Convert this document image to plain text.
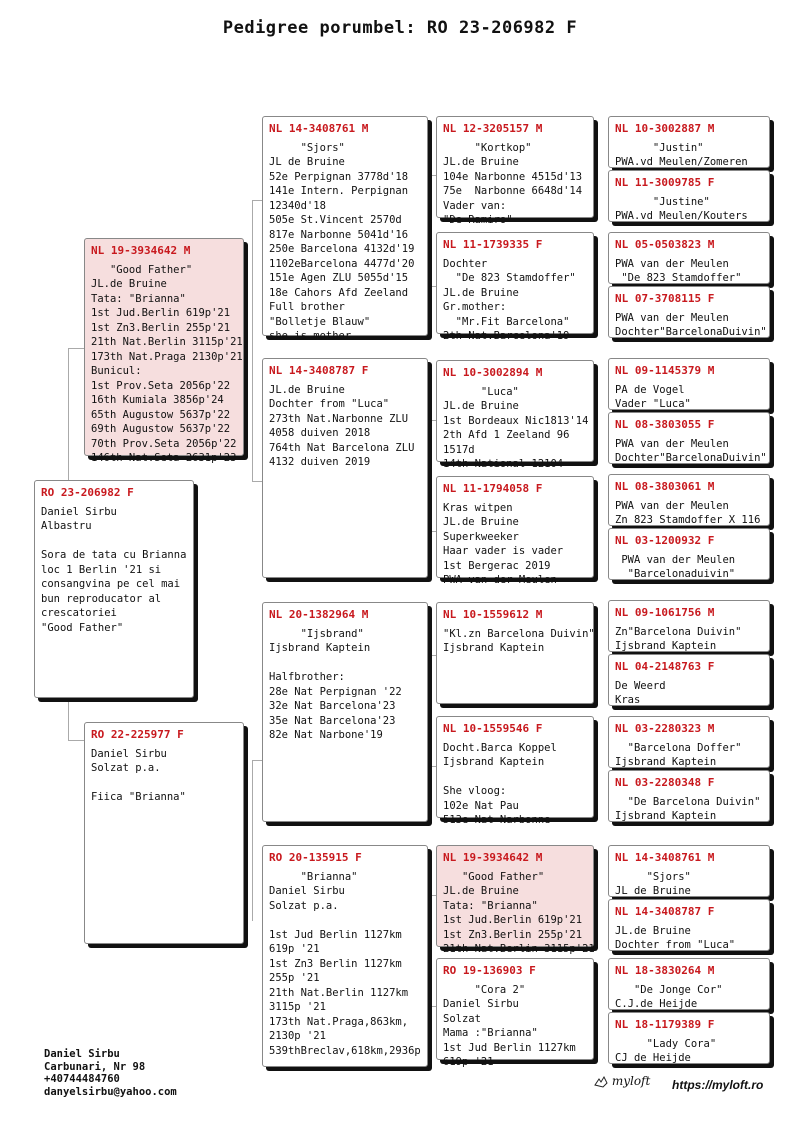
Pedigree porumbel: RO 23-206982 F
RO 23-206982 F
Daniel Sirbu
Albastru

Sora de tata cu Brianna
loc 1 Berlin '21 si
consangvina pe cel mai
bun reproducator al
crescatoriei
"Good Father"
NL 19-3934642 M
"Good Father"
JL.de Bruine
Tata: "Brianna"
1st Jud.Berlin 619p'21
1st Zn3.Berlin 255p'21
21th Nat.Berlin 3115p'21
173th Nat.Praga 2130p'21
Bunicul:
1st Prov.Seta 2056p'22
16th Kumiala 3856p'24
65th Augustow 5637p'22
69th Augustow 5637p'22
70th Prov.Seta 2056p'22
146th Nat.Seta 2631p'23
RO 22-225977 F
Daniel Sirbu
Solzat p.a.

Fiica "Brianna"
NL 14-3408761 M
"Sjors"
JL de Bruine
52e Perpignan 3778d'18
141e Intern. Perpignan
12340d'18
505e St.Vincent 2570d
817e Narbonne 5041d'16
250e Barcelona 4132d'19
1102eBarcelona 4477d'20
151e Agen ZLU 5055d'15
18e Cahors Afd Zeeland
Full brother
"Bolletje Blauw"
she is mother
NL 14-3408787 F
JL.de Bruine
Dochter from "Luca"
273th Nat.Narbonne ZLU
4058 duiven 2018
764th Nat Barcelona ZLU
4132 duiven 2019
NL 20-1382964 M
"Ijsbrand"
Ijsbrand Kaptein

Halfbrother:
28e Nat Perpignan '22
32e Nat Barcelona'23
35e Nat Barcelona'23
82e Nat Narbone'19
RO 20-135915 F
"Brianna"
Daniel Sirbu
Solzat p.a.

1st Jud Berlin 1127km
619p '21
1st Zn3 Berlin 1127km
255p '21
21th Nat.Berlin 1127km
3115p '21
173th Nat.Praga,863km,
2130p '21
539thBreclav,618km,2936p
NL 12-3205157 M
"Kortkop"
JL.de Bruine
104e Narbonne 4515d'13
75e  Narbonne 6648d'14
Vader van:
"De Ramiro"
NL 11-1739335 F
Dochter
"De 823 Stamdoffer"
JL.de Bruine
Gr.mother:
"Mr.Fit Barcelona"
2th Nat.Barcelona'19
NL 10-3002894 M
"Luca"
JL.de Bruine
1st Bordeaux Nic1813'14
2th Afd 1 Zeeland 96
1517d
14th National 12104
NL 11-1794058 F
Kras witpen
JL.de Bruine
Superkweeker
Haar vader is vader
1st Bergerac 2019
PWA van der Meulen
NL 10-1559612 M
"Kl.zn Barcelona Duivin"
Ijsbrand Kaptein
NL 10-1559546 F
Docht.Barca Koppel
Ijsbrand Kaptein

She vloog:
102e Nat Pau
513e Nat Narbonne
NL 19-3934642 M
"Good Father"
JL.de Bruine
Tata: "Brianna"
1st Jud.Berlin 619p'21
1st Zn3.Berlin 255p'21
21th Nat.Berlin 3115p'21
RO 19-136903 F
"Cora 2"
Daniel Sirbu
Solzat
Mama :"Brianna"
1st Jud Berlin 1127km
619p '21
NL 10-3002887 M
"Justin"
PWA.vd Meulen/Zomeren
NL 11-3009785 F
"Justine"
PWA.vd Meulen/Kouters
NL 05-0503823 M
PWA van der Meulen
"De 823 Stamdoffer"
NL 07-3708115 F
PWA van der Meulen
Dochter"BarcelonaDuivin"
NL 09-1145379 M
PA de Vogel
Vader "Luca"
NL 08-3803055 F
PWA van der Meulen
Dochter"BarcelonaDuivin"
NL 08-3803061 M
PWA van der Meulen
Zn 823 Stamdoffer X 116
NL 03-1200932 F
PWA van der Meulen
"Barcelonaduivin"
NL 09-1061756 M
Zn"Barcelona Duivin"
Ijsbrand Kaptein
NL 04-2148763 F
De Weerd
Kras
NL 03-2280323 M
"Barcelona Doffer"
Ijsbrand Kaptein
NL 03-2280348 F
"De Barcelona Duivin"
Ijsbrand Kaptein
NL 14-3408761 M
"Sjors"
JL de Bruine
NL 14-3408787 F
JL.de Bruine
Dochter from "Luca"
NL 18-3830264 M
"De Jonge Cor"
C.J.de Heijde
NL 18-1179389 F
"Lady Cora"
CJ de Heijde
Daniel Sirbu
Carbunari, Nr 98
+40744484760
danyelsirbu@yahoo.com
myloft https://myloft.ro
